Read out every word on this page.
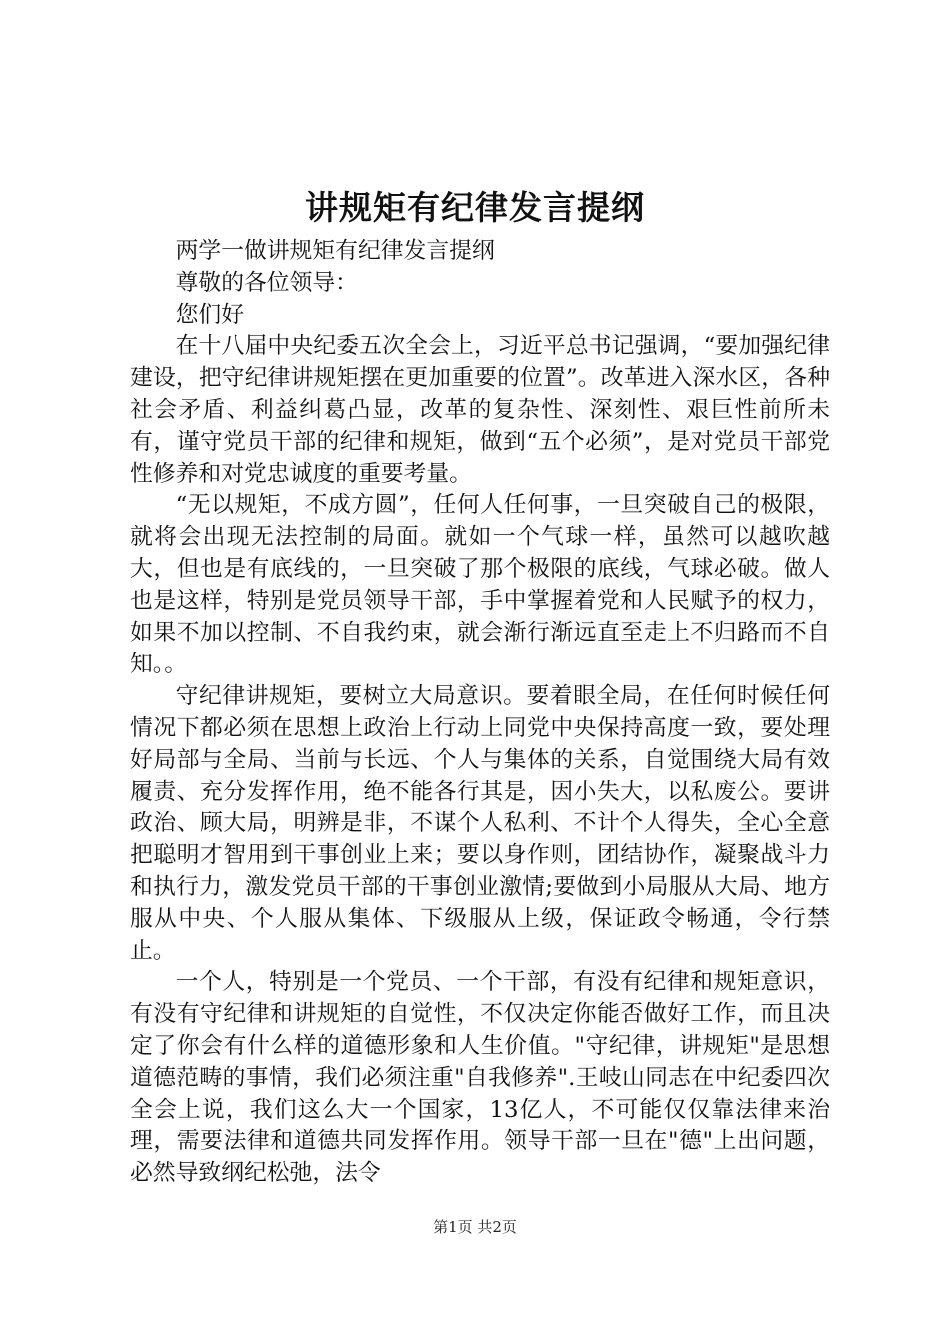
讲规矩有纪律发言提纲

两学一做讲规矩有纪律发言提纲

尊敬的各位领导：

您们好

在十八届中央纪委五次全会上，习近平总书记强调，“要加强纪律建设，把守纪律讲规矩摆在更加重要的位置”。改革进入深水区，各种社会矛盾、利益纠葛凸显，改革的复杂性、深刻性、艰巨性前所未有，谨守党员干部的纪律和规矩，做到“五个必须”，是对党员干部党性修养和对党忠诚度的重要考量。

“无以规矩，不成方圆”，任何人任何事，一旦突破自己的极限，就将会出现无法控制的局面。就如一个气球一样，虽然可以越吹越大，但也是有底线的，一旦突破了那个极限的底线，气球必破。做人也是这样，特别是党员领导干部，手中掌握着党和人民赋予的权力，如果不加以控制、不自我约束，就会渐行渐远直至走上不归路而不自知。。

守纪律讲规矩，要树立大局意识。要着眼全局，在任何时候任何情况下都必须在思想上政治上行动上同党中央保持高度一致，要处理好局部与全局、当前与长远、个人与集体的关系，自觉围绕大局有效履责、充分发挥作用，绝不能各行其是，因小失大，以私废公。要讲政治、顾大局，明辨是非，不谋个人私利、不计个人得失，全心全意把聪明才智用到干事创业上来；要以身作则，团结协作，凝聚战斗力和执行力，激发党员干部的干事创业激情;要做到小局服从大局、地方服从中央、个人服从集体、下级服从上级，保证政令畅通，令行禁止。

一个人，特别是一个党员、一个干部，有没有纪律和规矩意识，有没有守纪律和讲规矩的自觉性，不仅决定你能否做好工作，而且决定了你会有什么样的道德形象和人生价值。"守纪律，讲规矩"是思想道德范畴的事情，我们必须注重"自我修养".王岐山同志在中纪委四次全会上说，我们这么大一个国家，13亿人，不可能仅仅靠法律来治理，需要法律和道德共同发挥作用。领导干部一旦在"德"上出问题，必然导致纲纪松弛，法令

第1页 共2页
